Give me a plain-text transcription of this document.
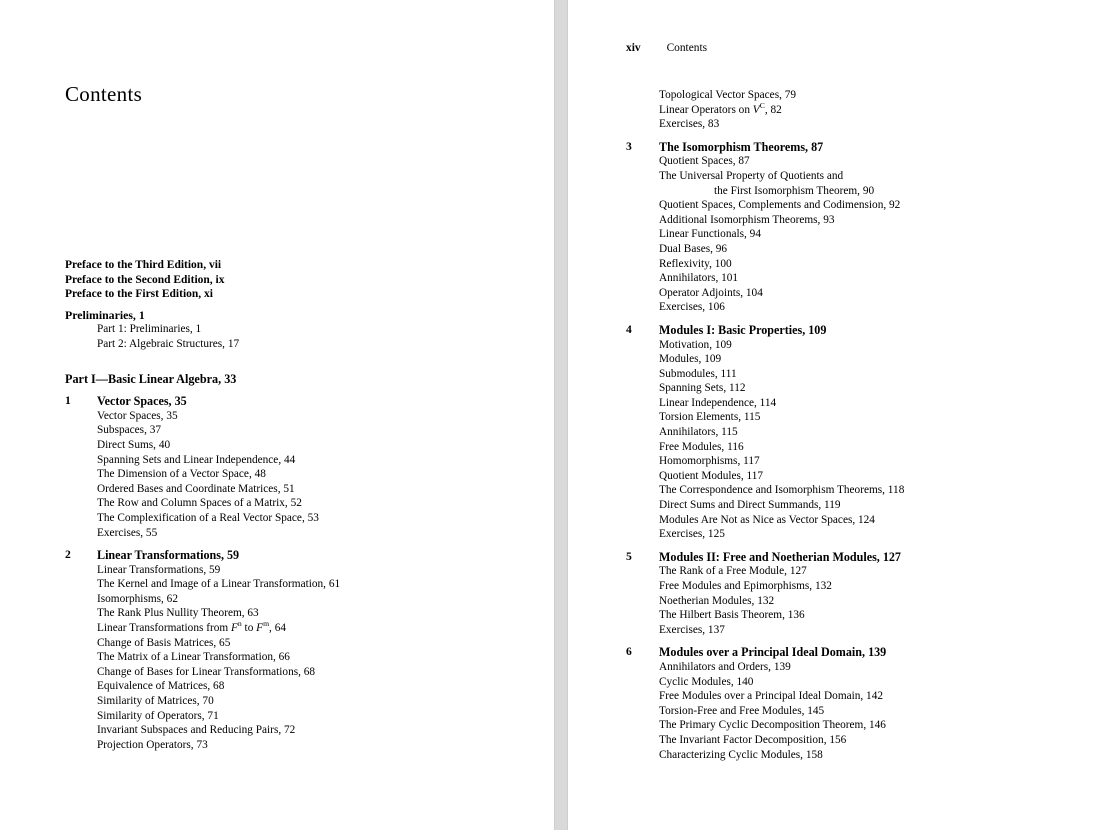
Contents
Preface to the Third Edition, vii
Preface to the Second Edition, ix
Preface to the First Edition, xi
Preliminaries, 1
Part 1: Preliminaries, 1
Part 2: Algebraic Structures, 17
Part I—Basic Linear Algebra, 33
1	Vector Spaces, 35
Vector Spaces, 35
Subspaces, 37
Direct Sums, 40
Spanning Sets and Linear Independence, 44
The Dimension of a Vector Space, 48
Ordered Bases and Coordinate Matrices, 51
The Row and Column Spaces of a Matrix, 52
The Complexification of a Real Vector Space, 53
Exercises, 55
2	Linear Transformations, 59
Linear Transformations, 59
The Kernel and Image of a Linear Transformation, 61
Isomorphisms, 62
The Rank Plus Nullity Theorem, 63
Linear Transformations from $F^n$ to $F^m$, 64
Change of Basis Matrices, 65
The Matrix of a Linear Transformation, 66
Change of Bases for Linear Transformations, 68
Equivalence of Matrices, 68
Similarity of Matrices, 70
Similarity of Operators, 71
Invariant Subspaces and Reducing Pairs, 72
Projection Operators, 73
xiv Contents
Topological Vector Spaces, 79
Linear Operators on $V^C$, 82
Exercises, 83
3	The Isomorphism Theorems, 87
Quotient Spaces, 87
The Universal Property of Quotients and
the First Isomorphism Theorem, 90
Quotient Spaces, Complements and Codimension, 92
Additional Isomorphism Theorems, 93
Linear Functionals, 94
Dual Bases, 96
Reflexivity, 100
Annihilators, 101
Operator Adjoints, 104
Exercises, 106
4	Modules I: Basic Properties, 109
Motivation, 109
Modules, 109
Submodules, 111
Spanning Sets, 112
Linear Independence, 114
Torsion Elements, 115
Annihilators, 115
Free Modules, 116
Homomorphisms, 117
Quotient Modules, 117
The Correspondence and Isomorphism Theorems, 118
Direct Sums and Direct Summands, 119
Modules Are Not as Nice as Vector Spaces, 124
Exercises, 125
5	Modules II: Free and Noetherian Modules, 127
The Rank of a Free Module, 127
Free Modules and Epimorphisms, 132
Noetherian Modules, 132
The Hilbert Basis Theorem, 136
Exercises, 137
6	Modules over a Principal Ideal Domain, 139
Annihilators and Orders, 139
Cyclic Modules, 140
Free Modules over a Principal Ideal Domain, 142
Torsion-Free and Free Modules, 145
The Primary Cyclic Decomposition Theorem, 146
The Invariant Factor Decomposition, 156
Characterizing Cyclic Modules, 158
